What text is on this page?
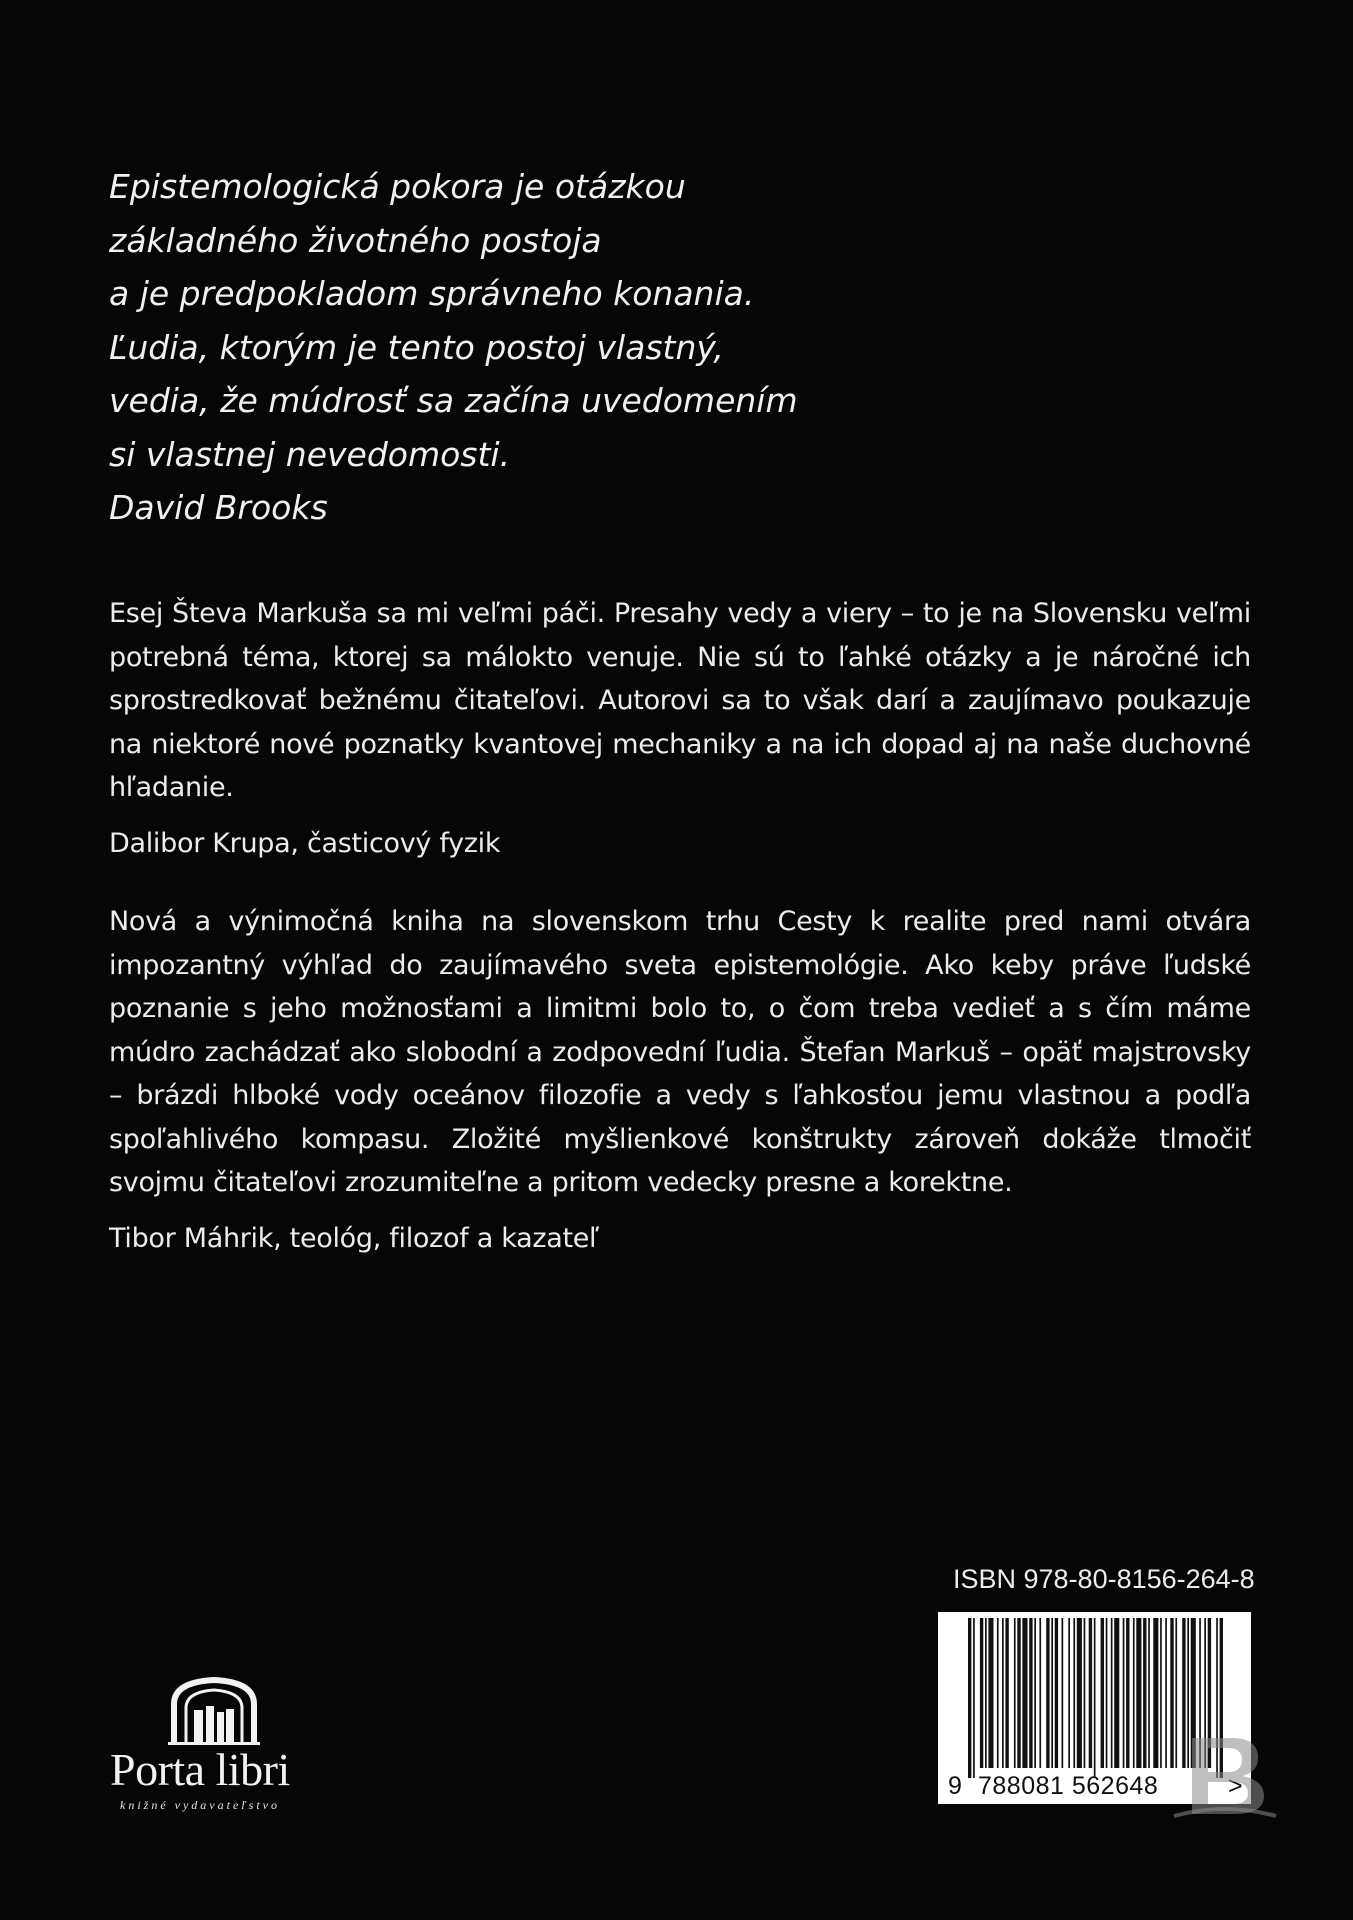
Epistemologická pokora je otázkou
základného životného postoja
a je predpokladom správneho konania.
Ľudia, ktorým je tento postoj vlastný,
vedia, že múdrosť sa začína uvedomením
si vlastnej nevedomosti.
David Brooks
Esej Števa Markuša sa mi veľmi páči. Presahy vedy a viery – to je na Slovensku veľmi potrebná téma, ktorej sa málokto venuje. Nie sú to ľahké otázky a je náročné ich sprostredkovať bežnému čitateľovi. Autorovi sa to však darí a zaujímavo poukazuje na niektoré nové poznatky kvantovej mechaniky a na ich dopad aj na naše duchovné hľadanie.
Dalibor Krupa, časticový fyzik
Nová a výnimočná kniha na slovenskom trhu Cesty k realite pred nami otvára impozantný výhľad do zaujímavého sveta epistemológie. Ako keby práve ľudské poznanie s jeho možnosťami a limitmi bolo to, o čom treba vedieť a s čím máme múdro zachádzať ako slobodní a zodpovední ľudia. Štefan Markuš – opäť majstrovsky – brázdi hlboké vody oceánov filozofie a vedy s ľahkosťou jemu vlastnou a podľa spoľahlivého kompasu. Zložité myšlienkové konštrukty zároveň dokáže tlmočiť svojmu čitateľovi zrozumiteľne a pritom vedecky presne a korektne.
Tibor Máhrik, teológ, filozof a kazateľ
ISBN 978-80-8156-264-8
9 788081 562648	>
Porta libri
knižné vydavateľstvo
